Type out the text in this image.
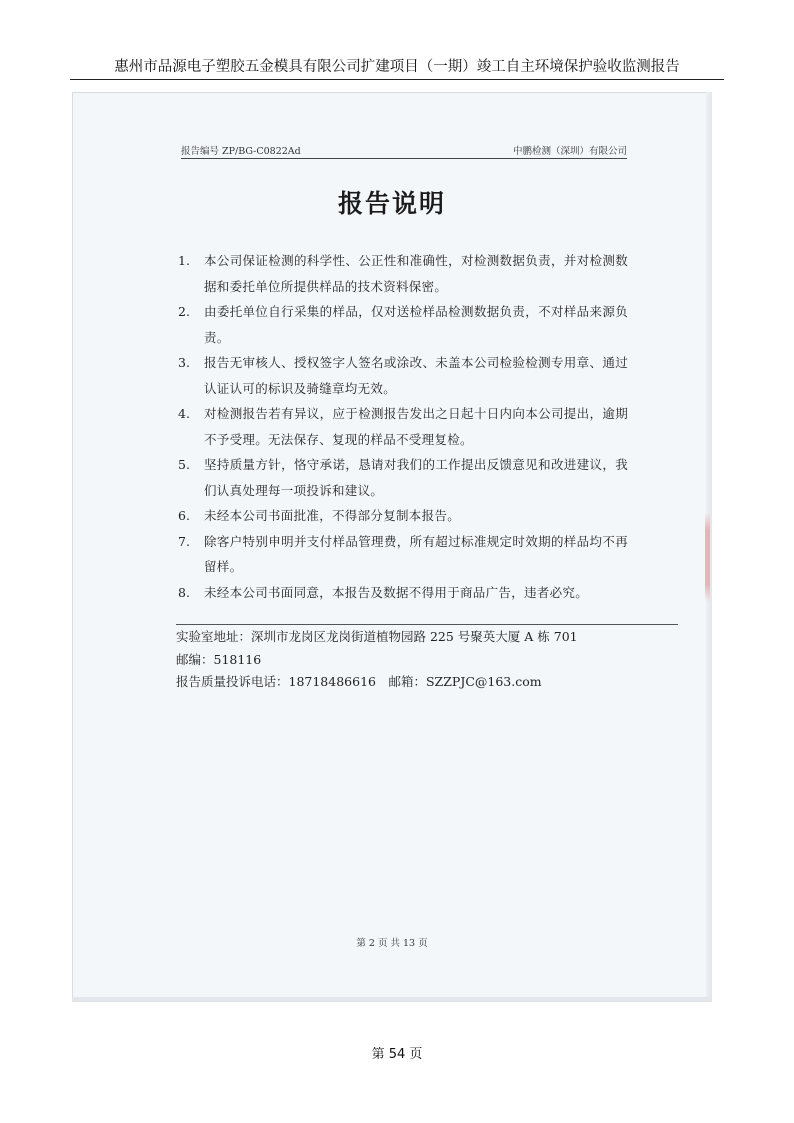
惠州市品源电子塑胶五金模具有限公司扩建项目（一期）竣工自主环境保护验收监测报告
报告编号 ZP/BG-C0822Ad	中鹏检测（深圳）有限公司
报告说明
1. 本公司保证检测的科学性、公正性和准确性，对检测数据负责，并对检测数据和委托单位所提供样品的技术资料保密。
2. 由委托单位自行采集的样品，仅对送检样品检测数据负责，不对样品来源负责。
3. 报告无审核人、授权签字人签名或涂改、未盖本公司检验检测专用章、通过认证认可的标识及骑缝章均无效。
4. 对检测报告若有异议，应于检测报告发出之日起十日内向本公司提出，逾期不予受理。无法保存、复现的样品不受理复检。
5. 坚持质量方针，恪守承诺，恳请对我们的工作提出反馈意见和改进建议，我们认真处理每一项投诉和建议。
6. 未经本公司书面批准，不得部分复制本报告。
7. 除客户特别申明并支付样品管理费，所有超过标准规定时效期的样品均不再留样。
8. 未经本公司书面同意，本报告及数据不得用于商品广告，违者必究。
实验室地址：深圳市龙岗区龙岗街道植物园路 225 号聚英大厦 A 栋 701
邮编：518116
报告质量投诉电话：18718486616　邮箱：SZZPJC@163.com
第 2 页 共 13 页
第 54 页
